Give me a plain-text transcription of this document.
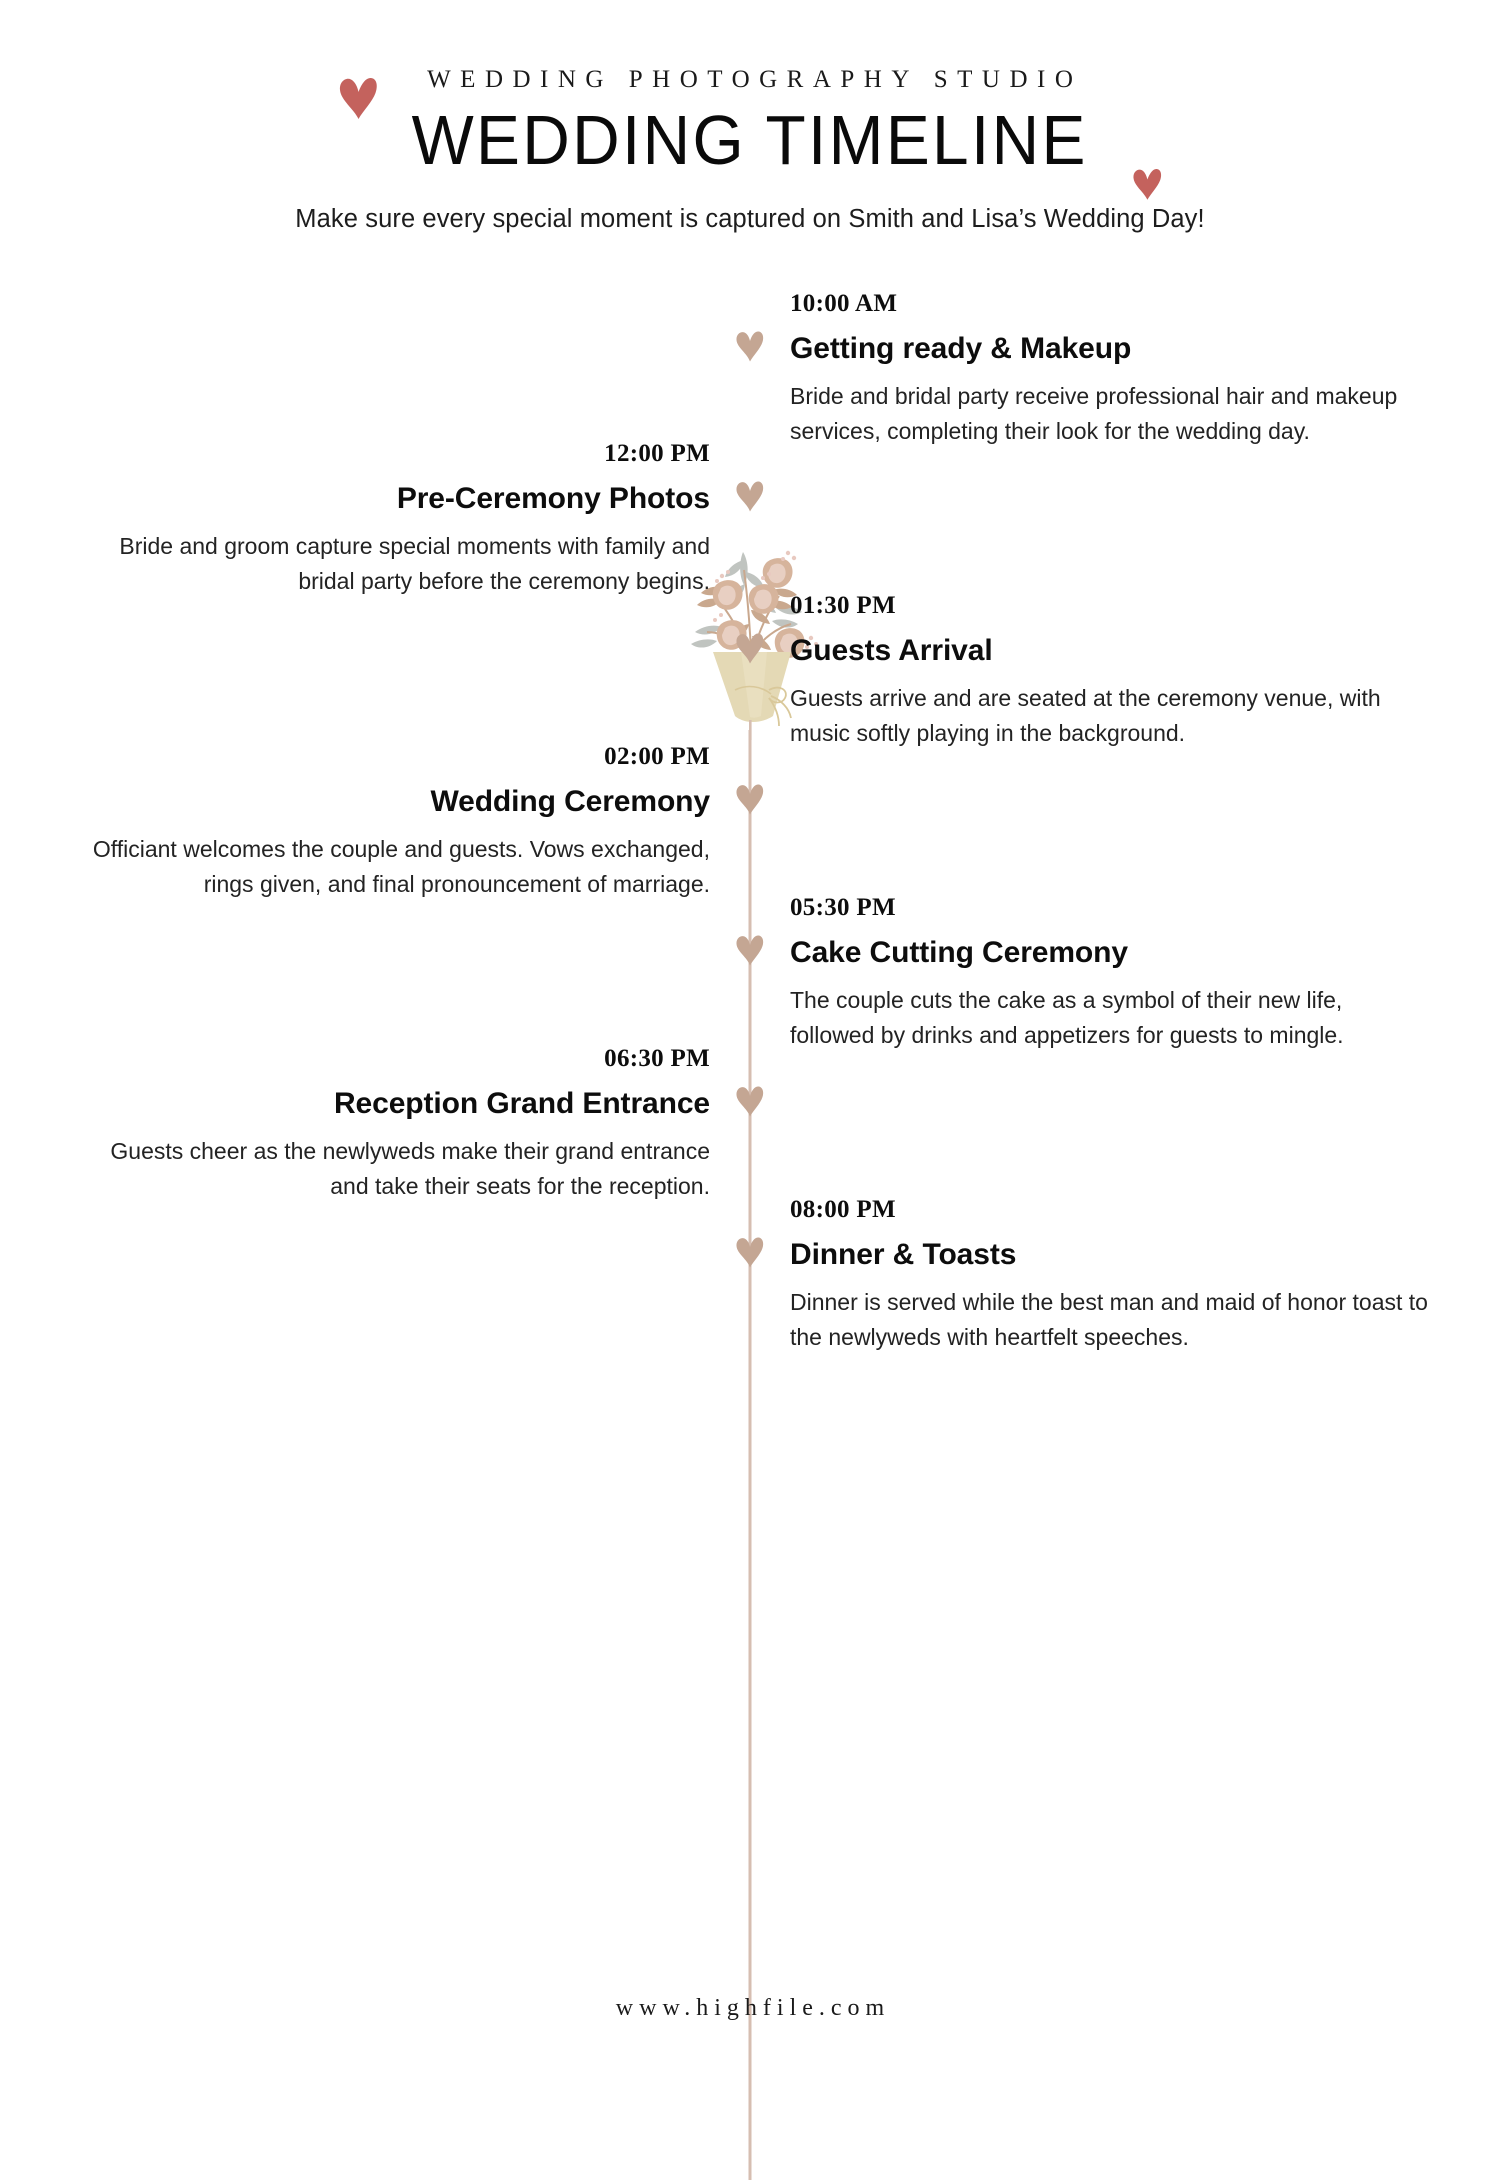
WEDDING PHOTOGRAPHY STUDIO
WEDDING TIMELINE
Make sure every special moment is captured on Smith and Lisa’s Wedding Day!
10:00 AM
Getting ready & Makeup
Bride and bridal party receive professional hair and makeup services, completing their look for the wedding day.
12:00 PM
Pre-Ceremony Photos
Bride and groom capture special moments with family and bridal party before the ceremony begins.
01:30 PM
Guests Arrival
Guests arrive and are seated at the ceremony venue, with music softly playing in the background.
02:00 PM
Wedding Ceremony
Officiant welcomes the couple and guests. Vows exchanged, rings given, and final pronouncement of marriage.
05:30 PM
Cake Cutting Ceremony
The couple cuts the cake as a symbol of their new life, followed by drinks and appetizers for guests to mingle.
06:30 PM
Reception Grand Entrance
Guests cheer as the newlyweds make their grand entrance and take their seats for the reception.
08:00 PM
Dinner & Toasts
Dinner is served while the best man and maid of honor toast to the newlyweds with heartfelt speeches.
www.highfile.com
